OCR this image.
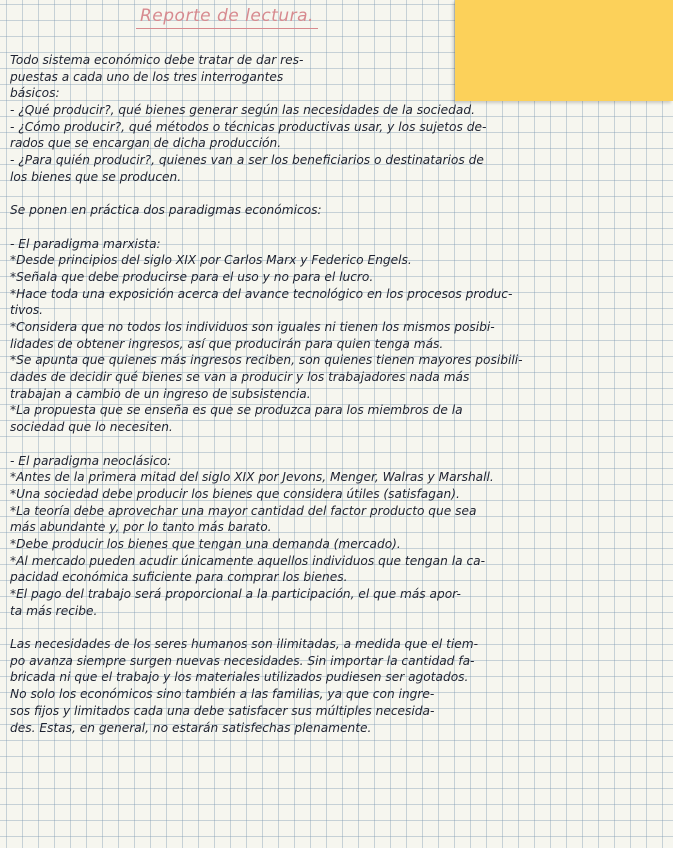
Reporte de lectura.
Todo sistema económico debe tratar de dar res-
puestas a cada uno de los tres interrogantes
básicos:
- ¿Qué producir?, qué bienes generar según las necesidades de la sociedad.
- ¿Cómo producir?, qué métodos o técnicas productivas usar, y los sujetos de-
rados que se encargan de dicha producción.
- ¿Para quién producir?, quienes van a ser los beneficiarios o destinatarios de
los bienes que se producen.
Se ponen en práctica dos paradigmas económicos:
- El paradigma marxista:
*Desde principios del siglo XIX por Carlos Marx y Federico Engels.
*Señala que debe producirse para el uso y no para el lucro.
*Hace toda una exposición acerca del avance tecnológico en los procesos produc-
tivos.
*Considera que no todos los individuos son iguales ni tienen los mismos posibi-
lidades de obtener ingresos, así que producirán para quien tenga más.
*Se apunta que quienes más ingresos reciben, son quienes tienen mayores posibili-
dades de decidir qué bienes se van a producir y los trabajadores nada más
trabajan a cambio de un ingreso de subsistencia.
*La propuesta que se enseña es que se produzca para los miembros de la
sociedad que lo necesiten.
- El paradigma neoclásico:
*Antes de la primera mitad del siglo XIX por Jevons, Menger, Walras y Marshall.
*Una sociedad debe producir los bienes que considera útiles (satisfagan).
*La teoría debe aprovechar una mayor cantidad del factor producto que sea
más abundante y, por lo tanto más barato.
*Debe producir los bienes que tengan una demanda (mercado).
*Al mercado pueden acudir únicamente aquellos individuos que tengan la ca-
pacidad económica suficiente para comprar los bienes.
*El pago del trabajo será proporcional a la participación, el que más apor-
ta más recibe.
Las necesidades de los seres humanos son ilimitadas, a medida que el tiem-
po avanza siempre surgen nuevas necesidades. Sin importar la cantidad fa-
bricada ni que el trabajo y los materiales utilizados pudiesen ser agotados.
No solo los económicos sino también a las familias, ya que con ingre-
sos fijos y limitados cada una debe satisfacer sus múltiples necesida-
des. Estas, en general, no estarán satisfechas plenamente.
